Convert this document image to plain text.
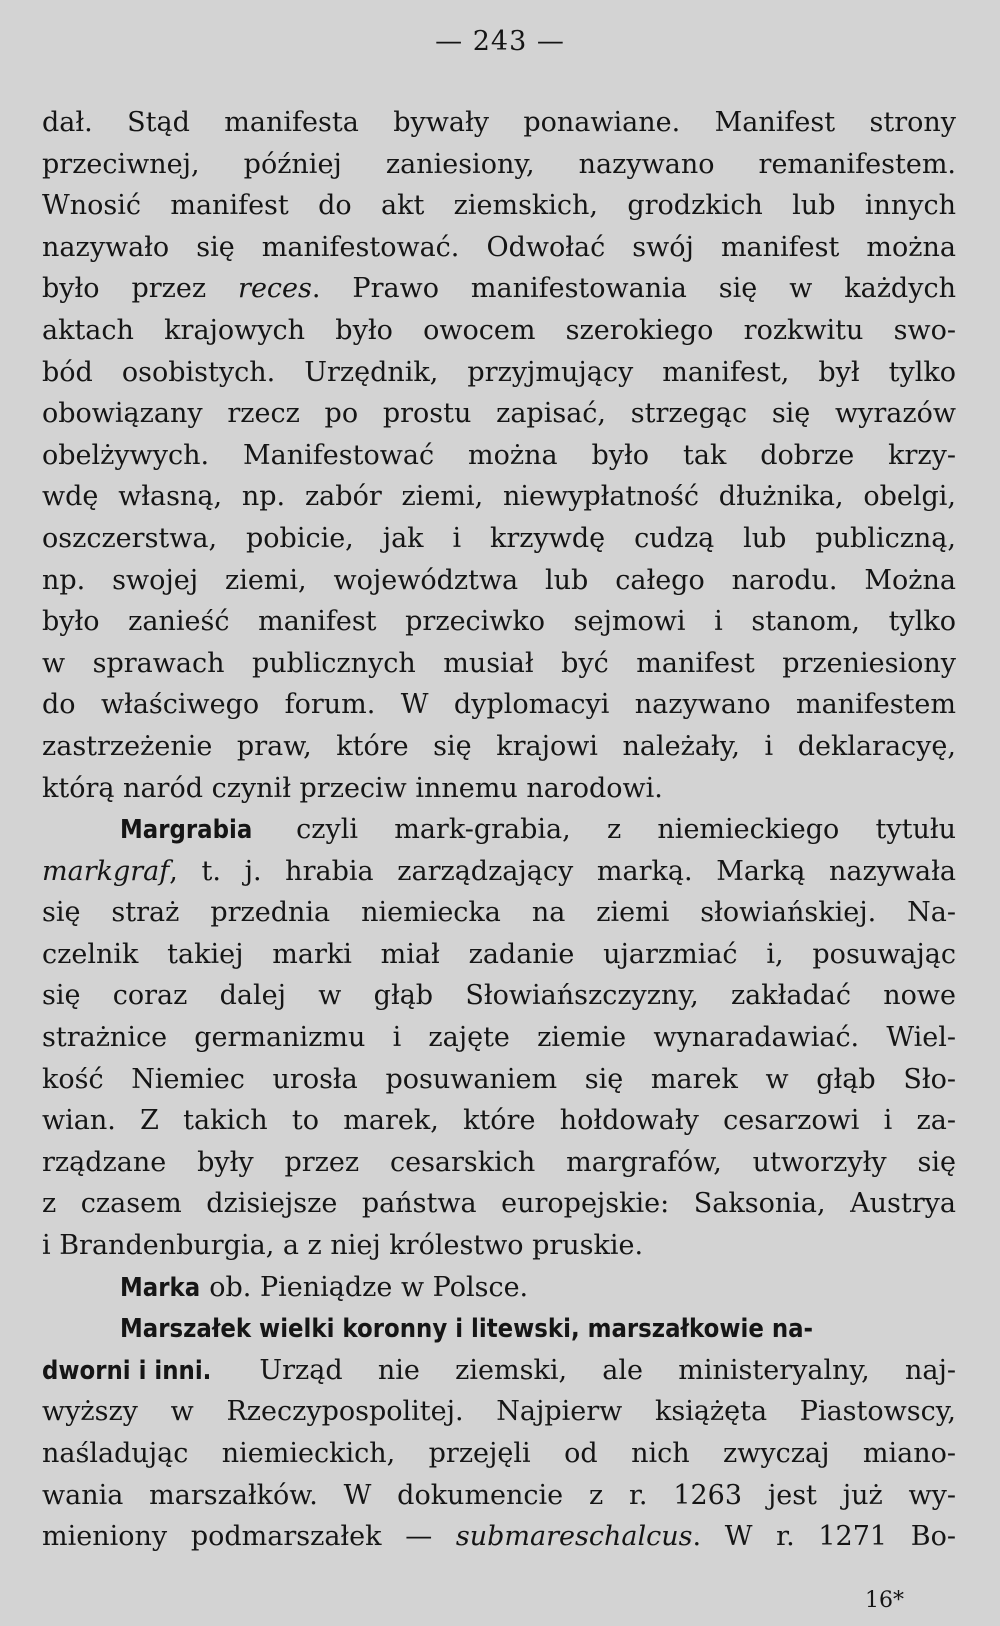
— 243 —
dał. Stąd manifesta bywały ponawiane. Manifest strony
przeciwnej, później zaniesiony, nazywano remanifestem.
Wnosić manifest do akt ziemskich, grodzkich lub innych
nazywało się manifestować. Odwołać swój manifest można
było przez reces. Prawo manifestowania się w każdych
aktach krajowych było owocem szerokiego rozkwitu swo-
bód osobistych. Urzędnik, przyjmujący manifest, był tylko
obowiązany rzecz po prostu zapisać, strzegąc się wyrazów
obelżywych. Manifestować można było tak dobrze krzy-
wdę własną, np. zabór ziemi, niewypłatność dłużnika, obelgi,
oszczerstwa, pobicie, jak i krzywdę cudzą lub publiczną,
np. swojej ziemi, województwa lub całego narodu. Można
było zanieść manifest przeciwko sejmowi i stanom, tylko
w sprawach publicznych musiał być manifest przeniesiony
do właściwego forum. W dyplomacyi nazywano manifestem
zastrzeżenie praw, które się krajowi należały, i deklaracyę,
którą naród czynił przeciw innemu narodowi.
Margrabia czyli mark-grabia, z niemieckiego tytułu
markgraf, t. j. hrabia zarządzający marką. Marką nazywała
się straż przednia niemiecka na ziemi słowiańskiej. Na-
czelnik takiej marki miał zadanie ujarzmiać i, posuwając
się coraz dalej w głąb Słowiańszczyzny, zakładać nowe
strażnice germanizmu i zajęte ziemie wynaradawiać. Wiel-
kość Niemiec urosła posuwaniem się marek w głąb Sło-
wian. Z takich to marek, które hołdowały cesarzowi i za-
rządzane były przez cesarskich margrafów, utworzyły się
z czasem dzisiejsze państwa europejskie: Saksonia, Austrya
i Brandenburgia, a z niej królestwo pruskie.
Marka ob. Pieniądze w Polsce.
Marszałek wielki koronny i litewski, marszałkowie na-
dworni i inni. Urząd nie ziemski, ale ministeryalny, naj-
wyższy w Rzeczypospolitej. Najpierw książęta Piastowscy,
naśladując niemieckich, przejęli od nich zwyczaj miano-
wania marszałków. W dokumencie z r. 1263 jest już wy-
mieniony podmarszałek — submareschalcus. W r. 1271 Bo-
16*
